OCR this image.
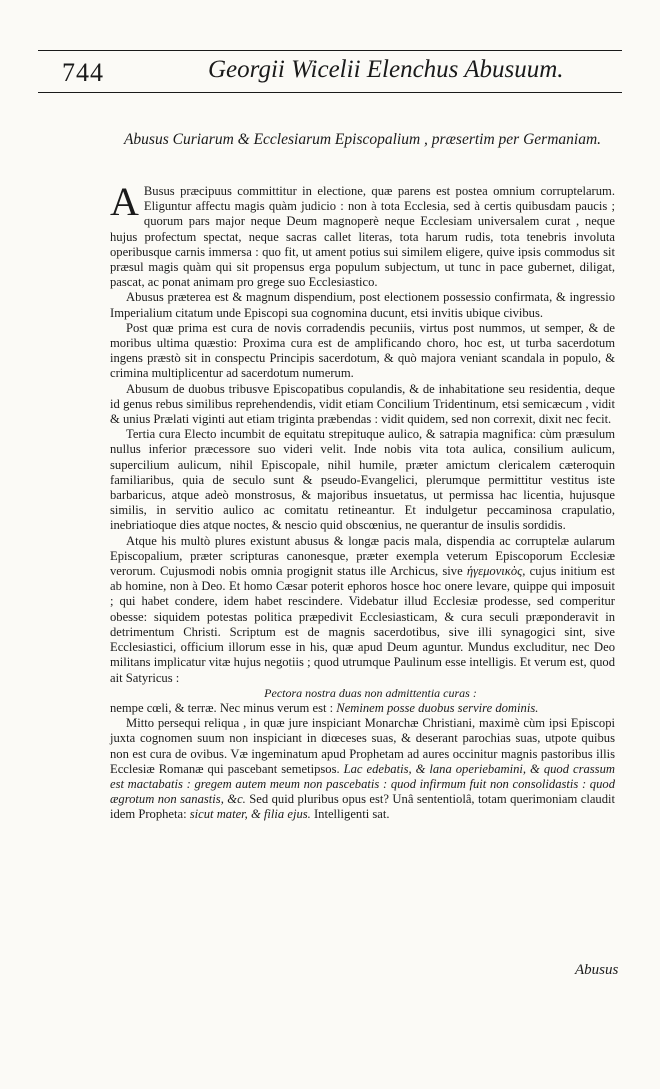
744	Georgii Wicelii Elenchus Abusuum.
Abusus Curiarum & Ecclesiarum Episcopalium , præsertim per Germaniam.

A Busus præcipuus committitur in electione, quæ parens est postea omnium corruptelarum. Eliguntur affectu magis quàm judicio : non à tota Ecclesia, sed à certis quibusdam paucis ; quorum pars major neque Deum magnoperè neque Ecclesiam universalem curat , neque hujus profectum spectat, neque sacras callet literas, tota harum rudis, tota tenebris involuta operibusque carnis immersa : quo fit, ut ament potius sui similem eligere, quive ipsis commodus sit præsul magis quàm qui sit propensus erga populum subjectum, ut tunc in pace gubernet, diligat, pascat, ac ponat animam pro grege suo Ecclesiastico.

Abusus præterea est & magnum dispendium, post electionem possessio confirmata, & ingressio Imperialium citatum unde Episcopi sua cognomina ducunt, etsi invitis ubique civibus.

Post quæ prima est cura de novis corradendis pecuniis, virtus post nummos, ut semper, & de moribus ultima quæstio: Proxima cura est de amplificando choro, hoc est, ut turba sacerdotum ingens præstò sit in conspectu Principis sacerdotum, & quò majora veniant scandala in populo, & crimina multiplicentur ad sacerdotum numerum.

Abusum de duobus tribusve Episcopatibus copulandis, & de inhabitatione seu residentia, deque id genus rebus similibus reprehendendis, vidit etiam Concilium Tridentinum, etsi semicæcum , vidit & unius Prælati viginti aut etiam triginta præbendas : vidit quidem, sed non correxit, dixit nec fecit.

Tertia cura Electo incumbit de equitatu strepituque aulico, & satrapia magnifica: cùm præsulum nullus inferior præcessore suo videri velit. Inde nobis vita tota aulica, consilium aulicum, supercilium aulicum, nihil Episcopale, nihil humile, præter amictum clericalem cæteroquin familiaribus, quia de seculo sunt & pseudo-Evangelici, plerumque permittitur vestitus iste barbaricus, atque adeò monstrosus, & majoribus insuetatus, ut permissa hac licentia, hujusque similis, in servitio aulico ac comitatu retineantur. Et indulgetur peccaminosa crapulatio, inebriatioque dies atque noctes, & nescio quid obscœnius, ne querantur de insulis sordidis.

Atque his multò plures existunt abusus & longæ pacis mala, dispendia ac corruptelæ aularum Episcopalium, præter scripturas canonesque, præter exempla veterum Episcoporum Ecclesiæ verorum. Cujusmodi nobis omnia progignit status ille Archicus, sive ἡγεμονικὸς, cujus initium est ab homine, non à Deo. Et homo Cæsar poterit ephoros hosce hoc onere levare, quippe qui imposuit ; qui habet condere, idem habet rescindere. Videbatur illud Ecclesiæ prodesse, sed comperitur obesse: siquidem potestas politica præpedivit Ecclesiasticam, & cura seculi præponderavit in detrimentum Christi. Scriptum est de magnis sacerdotibus, sive illi synagogici sint, sive Ecclesiastici, officium illorum esse in his, quæ apud Deum aguntur. Mundus excluditur, nec Deo militans implicatur vitæ hujus negotiis ; quod utrumque Paulinum esse intelligis. Et verum est, quod ait Satyricus :

Pectora nostra duas non admittentia curas :

nempe cœli, & terræ. Nec minus verum est : Neminem posse duobus servire dominis.

Mitto persequi reliqua , in quæ jure inspiciant Monarchæ Christiani, maximè cùm ipsi Episcopi juxta cognomen suum non inspiciant in diœceses suas, & deserant parochias suas, utpote quibus non est cura de ovibus. Væ ingeminatum apud Prophetam ad aures occinitur magnis pastoribus illis Ecclesiæ Romanæ qui pascebant semetipsos. Lac edebatis, & lana operiebamini, & quod crassum est mactabatis : gregem autem meum non pascebatis : quod infirmum fuit non consolidastis : quod ægrotum non sanastis, &c. Sed quid pluribus opus est? Unâ sententiolâ, totam querimoniam claudit idem Propheta: sicut mater, & filia ejus. Intelligenti sat.

Abusus
